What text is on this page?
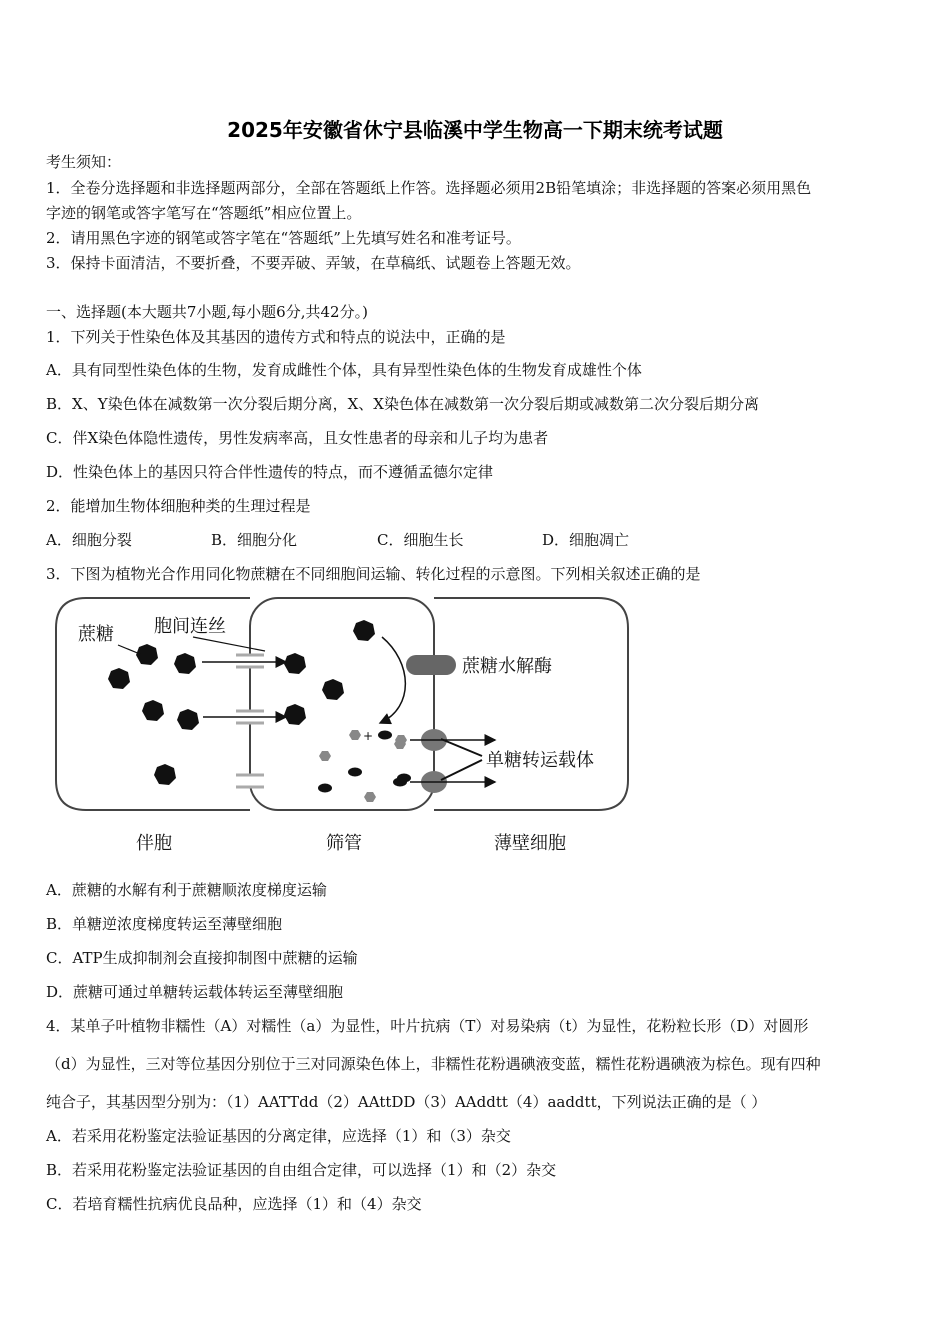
2025年安徽省休宁县临溪中学生物高一下期末统考试题
考生须知：
1．全卷分选择题和非选择题两部分，全部在答题纸上作答。选择题必须用2B铅笔填涂；非选择题的答案必须用黑色
字迹的钢笔或答字笔写在“答题纸”相应位置上。
2．请用黑色字迹的钢笔或答字笔在“答题纸”上先填写姓名和准考证号。
3．保持卡面清洁，不要折叠，不要弄破、弄皱，在草稿纸、试题卷上答题无效。
一、选择题(本大题共7小题,每小题6分,共42分。)
1．下列关于性染色体及其基因的遗传方式和特点的说法中，正确的是
A．具有同型性染色体的生物，发育成雌性个体，具有异型性染色体的生物发育成雄性个体
B．X、Y染色体在减数第一次分裂后期分离，X、X染色体在减数第一次分裂后期或减数第二次分裂后期分离
C．伴X染色体隐性遗传，男性发病率高，且女性患者的母亲和儿子均为患者
D．性染色体上的基因只符合伴性遗传的特点，而不遵循孟德尔定律
2．能增加生物体细胞种类的生理过程是
A．细胞分裂	B．细胞分化	C．细胞生长	D．细胞凋亡
3．下图为植物光合作用同化物蔗糖在不同细胞间运输、转化过程的示意图。下列相关叙述正确的是
+
蔗糖 胞间连丝
蔗糖水解酶
单糖转运载体
伴胞	筛管	薄壁细胞
A．蔗糖的水解有利于蔗糖顺浓度梯度运输
B．单糖逆浓度梯度转运至薄壁细胞
C．ATP生成抑制剂会直接抑制图中蔗糖的运输
D．蔗糖可通过单糖转运载体转运至薄壁细胞
4．某单子叶植物非糯性（A）对糯性（a）为显性，叶片抗病（T）对易染病（t）为显性，花粉粒长形（D）对圆形
（d）为显性，三对等位基因分别位于三对同源染色体上，非糯性花粉遇碘液变蓝，糯性花粉遇碘液为棕色。现有四种
纯合子，其基因型分别为：（1）AATTdd（2）AAttDD（3）AAddtt（4）aaddtt，下列说法正确的是（ ）
A．若采用花粉鉴定法验证基因的分离定律，应选择（1）和（3）杂交
B．若采用花粉鉴定法验证基因的自由组合定律，可以选择（1）和（2）杂交
C．若培育糯性抗病优良品种，应选择（1）和（4）杂交
